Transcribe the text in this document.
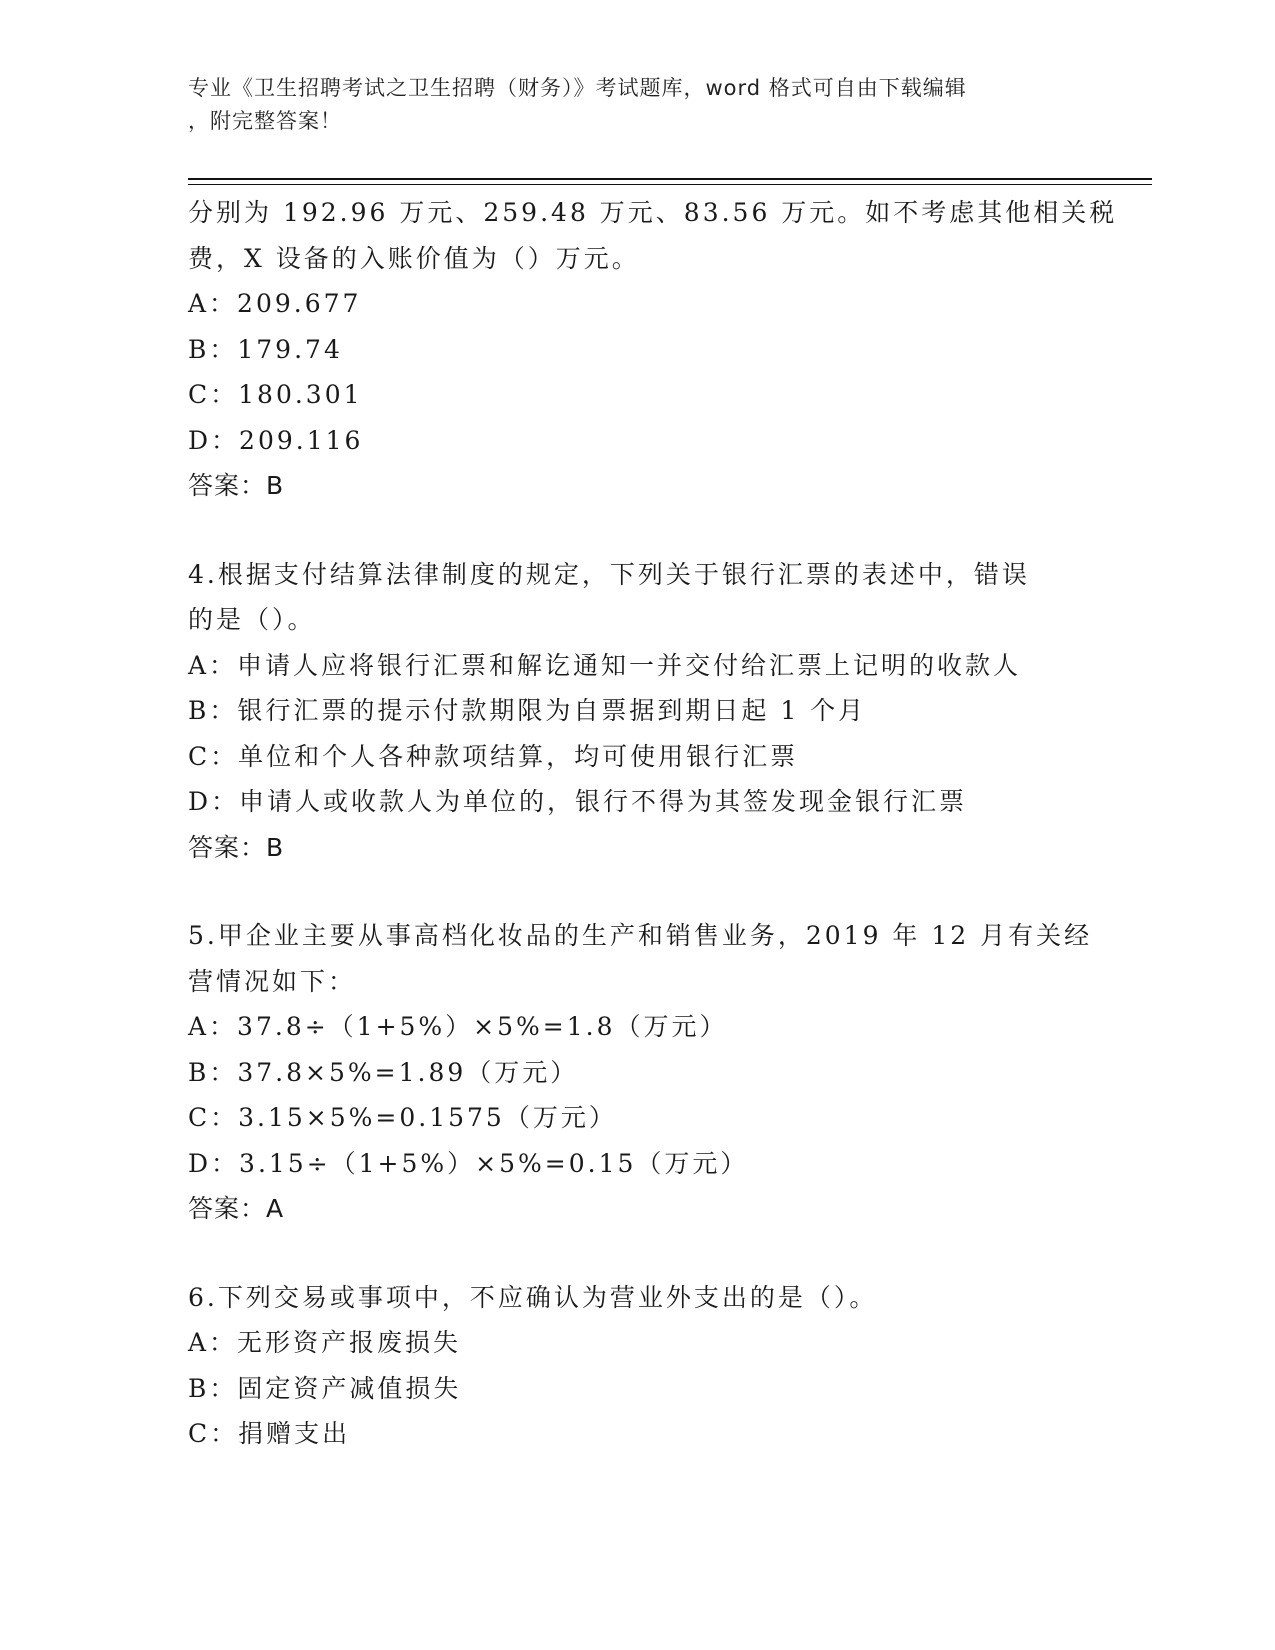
专业《卫生招聘考试之卫生招聘（财务）》考试题库，word 格式可自由下载编辑
，附完整答案！
分别为 192.96 万元、259.48 万元、83.56 万元。如不考虑其他相关税
费，X 设备的入账价值为（）万元。
A：209.677
B：179.74
C：180.301
D：209.116
答案：B
4.根据支付结算法律制度的规定，下列关于银行汇票的表述中，错误
的是（）。
A：申请人应将银行汇票和解讫通知一并交付给汇票上记明的收款人
B：银行汇票的提示付款期限为自票据到期日起 1 个月
C：单位和个人各种款项结算，均可使用银行汇票
D：申请人或收款人为单位的，银行不得为其签发现金银行汇票
答案：B
5.甲企业主要从事高档化妆品的生产和销售业务，2019 年 12 月有关经
营情况如下：
A：37.8÷（1+5%）×5%=1.8（万元）
B：37.8×5%=1.89（万元）
C：3.15×5%=0.1575（万元）
D：3.15÷（1+5%）×5%=0.15（万元）
答案：A
6.下列交易或事项中，不应确认为营业外支出的是（）。
A：无形资产报废损失
B：固定资产减值损失
C：捐赠支出
